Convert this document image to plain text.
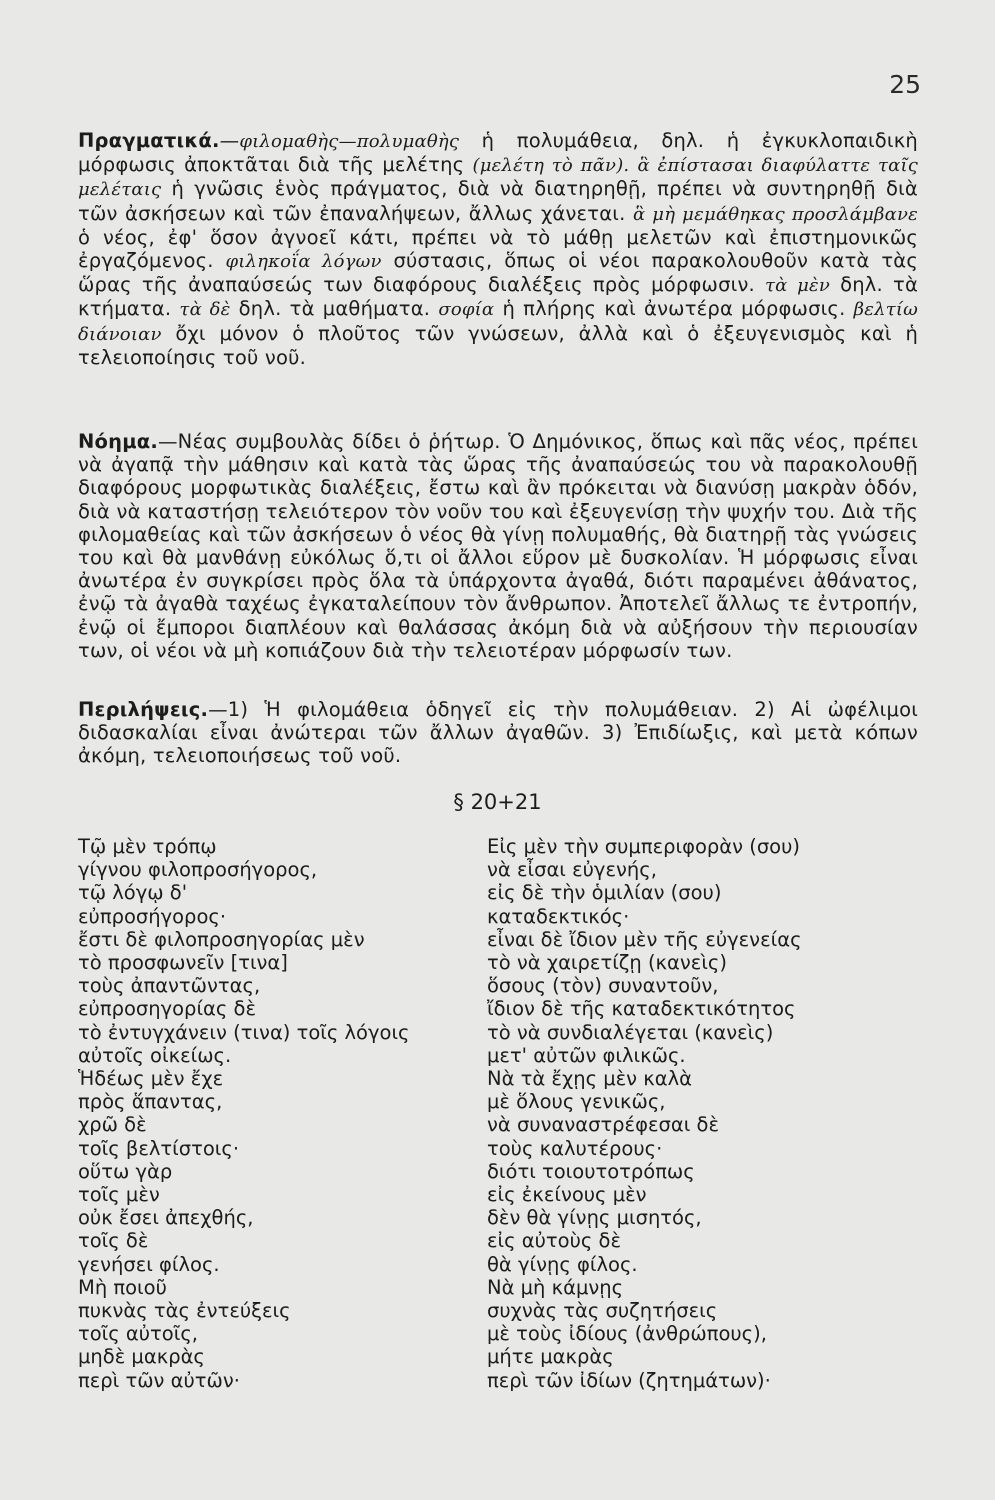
25
Πραγματικά.—φιλομαθὴς—πολυμαθὴς ἡ πολυμάθεια, δηλ. ἡ ἐγκυκλοπαιδικὴ μόρφωσις ἀποκτᾶται διὰ τῆς μελέτης (μελέτη τὸ πᾶν). ἃ ἐπίστασαι διαφύλαττε ταῖς μελέταις ἡ γνῶσις ἑνὸς πράγματος, διὰ νὰ διατηρηθῇ, πρέπει νὰ συντηρηθῇ διὰ τῶν ἀσκήσεων καὶ τῶν ἐπαναλήψεων, ἄλλως χάνεται. ἃ μὴ μεμάθηκας προσλάμβανε ὁ νέος, ἐφ' ὅσον ἀγνοεῖ κάτι, πρέπει νὰ τὸ μάθῃ μελετῶν καὶ ἐπιστημονικῶς ἐργαζόμενος. φιληκοΐα λόγων σύστασις, ὅπως οἱ νέοι παρακολουθοῦν κατὰ τὰς ὥρας τῆς ἀναπαύσεώς των διαφόρους διαλέξεις πρὸς μόρφωσιν. τὰ μὲν δηλ. τὰ κτήματα. τὰ δὲ δηλ. τὰ μαθήματα. σοφία ἡ πλήρης καὶ ἀνωτέρα μόρφωσις. βελτίω διάνοιαν ὄχι μόνον ὁ πλοῦτος τῶν γνώσεων, ἀλλὰ καὶ ὁ ἐξευγενισμὸς καὶ ἡ τελειοποίησις τοῦ νοῦ.
Νόημα.—Νέας συμβουλὰς δίδει ὁ ῥήτωρ. Ὁ Δημόνικος, ὅπως καὶ πᾶς νέος, πρέπει νὰ ἀγαπᾷ τὴν μάθησιν καὶ κατὰ τὰς ὥρας τῆς ἀναπαύσεώς του νὰ παρακολουθῇ διαφόρους μορφωτικὰς διαλέξεις, ἔστω καὶ ἂν πρόκειται νὰ διανύσῃ μακρὰν ὁδόν, διὰ νὰ καταστήσῃ τελειότερον τὸν νοῦν του καὶ ἐξευγενίσῃ τὴν ψυχήν του. Διὰ τῆς φιλομαθείας καὶ τῶν ἀσκήσεων ὁ νέος θὰ γίνῃ πολυμαθής, θὰ διατηρῇ τὰς γνώσεις του καὶ θὰ μανθάνῃ εὐκόλως ὅ,τι οἱ ἄλλοι εὕρον μὲ δυσκολίαν. Ἡ μόρφωσις εἶναι ἀνωτέρα ἐν συγκρίσει πρὸς ὅλα τὰ ὑπάρχοντα ἀγαθά, διότι παραμένει ἀθάνατος, ἐνῷ τὰ ἀγαθὰ ταχέως ἐγκαταλείπουν τὸν ἄνθρωπον. Ἀποτελεῖ ἄλλως τε ἐντροπήν, ἐνῷ οἱ ἔμποροι διαπλέουν καὶ θαλάσσας ἀκόμη διὰ νὰ αὐξήσουν τὴν περιουσίαν των, οἱ νέοι νὰ μὴ κοπιάζουν διὰ τὴν τελειοτέραν μόρφωσίν των.
Περιλήψεις.—1) Ἡ φιλομάθεια ὁδηγεῖ εἰς τὴν πολυμάθειαν. 2) Αἱ ὠφέλιμοι διδασκαλίαι εἶναι ἀνώτεραι τῶν ἄλλων ἀγαθῶν. 3) Ἐπιδίωξις, καὶ μετὰ κόπων ἀκόμη, τελειοποιήσεως τοῦ νοῦ.
§ 20+21
Τῷ μὲν τρόπῳ
γίγνου φιλοπροσήγορος,
τῷ λόγῳ δ'
εὐπροσήγορος·
ἔστι δὲ φιλοπροσηγορίας μὲν
τὸ προσφωνεῖν [τινα]
τοὺς ἀπαντῶντας,
εὐπροσηγορίας δὲ
τὸ ἐντυγχάνειν (τινα) τοῖς λόγοις
αὐτοῖς οἰκείως.
Ἡδέως μὲν ἔχε
πρὸς ἅπαντας,
χρῶ δὲ
τοῖς βελτίστοις·
οὕτω γὰρ
τοῖς μὲν
οὐκ ἔσει ἀπεχθής,
τοῖς δὲ
γενήσει φίλος.
Μὴ ποιοῦ
πυκνὰς τὰς ἐντεύξεις
τοῖς αὐτοῖς,
μηδὲ μακρὰς
περὶ τῶν αὐτῶν·
Εἰς μὲν τὴν συμπεριφορὰν (σου)
νὰ εἶσαι εὐγενής,
εἰς δὲ τὴν ὁμιλίαν (σου)
καταδεκτικός·
εἶναι δὲ ἴδιον μὲν τῆς εὐγενείας
τὸ νὰ χαιρετίζῃ (κανεὶς)
ὅσους (τὸν) συναντοῦν,
ἴδιον δὲ τῆς καταδεκτικότητος
τὸ νὰ συνδιαλέγεται (κανεὶς)
μετ' αὐτῶν φιλικῶς.
Νὰ τὰ ἔχῃς μὲν καλὰ
μὲ ὅλους γενικῶς,
νὰ συναναστρέφεσαι δὲ
τοὺς καλυτέρους·
διότι τοιουτοτρόπως
εἰς ἐκείνους μὲν
δὲν θὰ γίνῃς μισητός,
εἰς αὐτοὺς δὲ
θὰ γίνῃς φίλος.
Νὰ μὴ κάμνῃς
συχνὰς τὰς συζητήσεις
μὲ τοὺς ἰδίους (ἀνθρώπους),
μήτε μακρὰς
περὶ τῶν ἰδίων (ζητημάτων)·
